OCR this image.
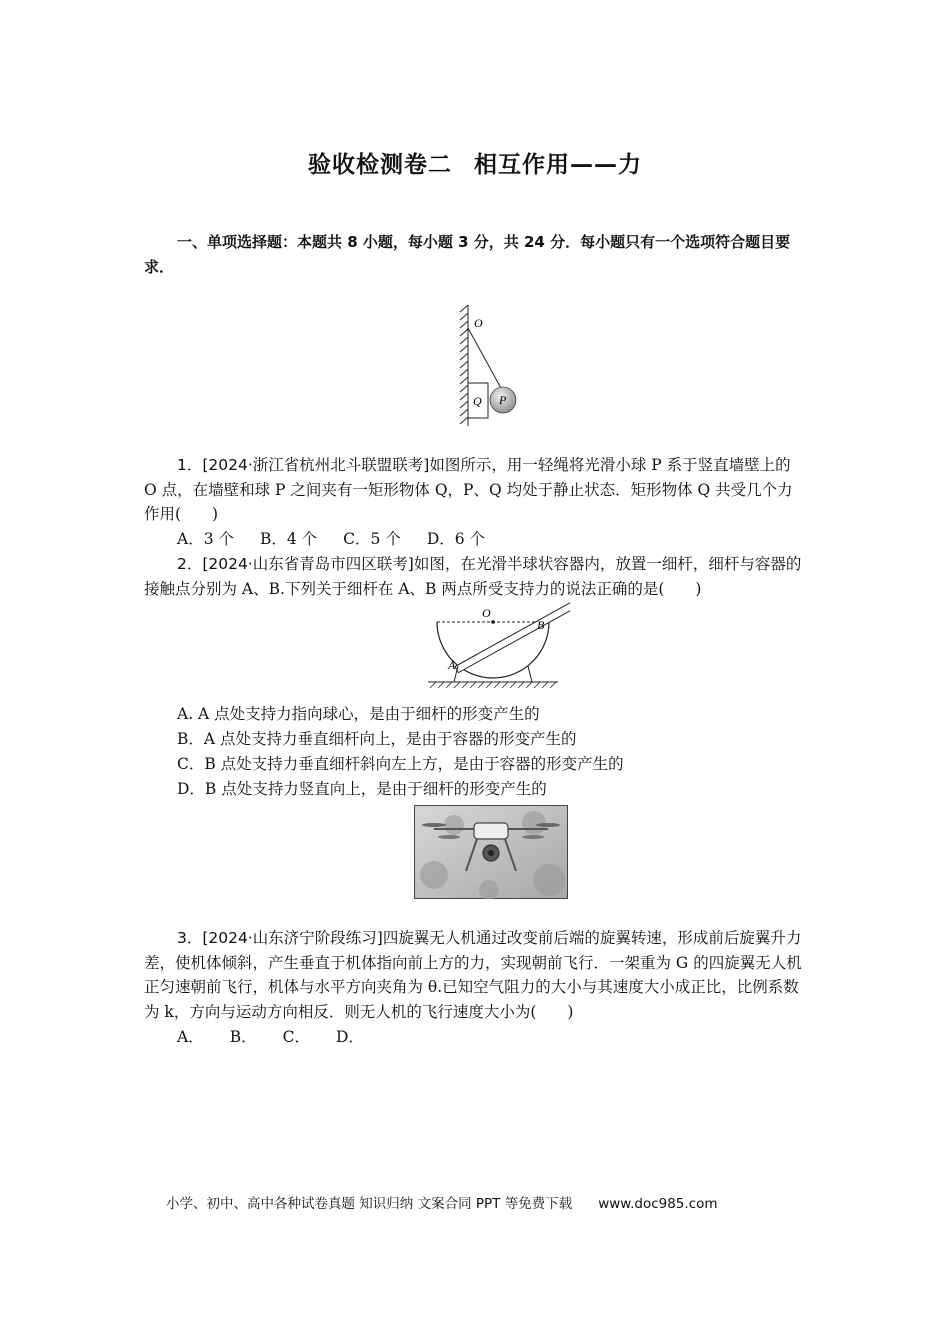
验收检测卷二 相互作用——力
一、单项选择题：本题共 8 小题，每小题 3 分，共 24 分．每小题只有一个选项符合题目要求．
O
Q P
1．[2024·浙江省杭州北斗联盟联考]如图所示，用一轻绳将光滑小球 P 系于竖直墙壁上的 O 点，在墙壁和球 P 之间夹有一矩形物体 Q，P、Q 均处于静止状态．矩形物体 Q 共受几个力作用(　　)
A．3 个 B．4 个 C．5 个 D．6 个
2．[2024·山东省青岛市四区联考]如图，在光滑半球状容器内，放置一细杆，细杆与容器的接触点分别为 A、B.下列关于细杆在 A、B 两点所受支持力的说法正确的是(　　)
O
A
B
A. A 点处支持力指向球心，是由于细杆的形变产生的
B．A 点处支持力垂直细杆向上，是由于容器的形变产生的
C．B 点处支持力垂直细杆斜向左上方，是由于容器的形变产生的
D．B 点处支持力竖直向上，是由于细杆的形变产生的
3．[2024·山东济宁阶段练习]四旋翼无人机通过改变前后端的旋翼转速，形成前后旋翼升力差，使机体倾斜，产生垂直于机体指向前上方的力，实现朝前飞行．一架重为 G 的四旋翼无人机正匀速朝前飞行，机体与水平方向夹角为 θ.已知空气阻力的大小与其速度大小成正比，比例系数为 k，方向与运动方向相反．则无人机的飞行速度大小为(　　)
A． B． C． D．
小学、初中、高中各种试卷真题 知识归纳 文案合同 PPT 等免费下载 www.doc985.com
